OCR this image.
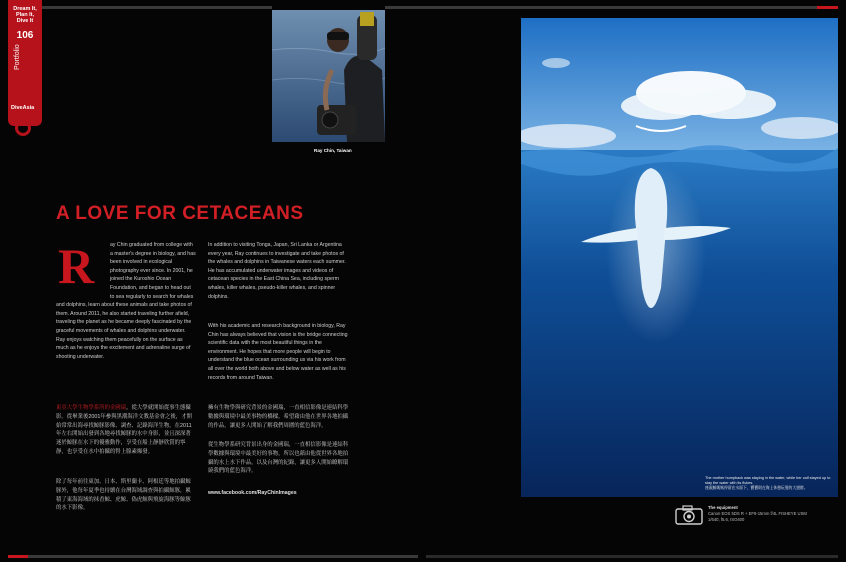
Dream It,
Plan It,
Dive It
106
Portfolio
DiveAsia
Ray Chin, Taiwan
A LOVE FOR CETACEANS
R	ay Chin graduated from college with a master's degree in biology, and has been involved in ecological photography ever since. In 2001, he joined the Kuroshio Ocean Foundation, and began to head out to sea regularly to search for whales and dolphins, learn about these animals and take photos of them. Around 2011, he also started traveling further afield, traveling the planet as he became deeply fascinated by the graceful movements of whales and dolphins underwater. Ray enjoys watching them peacefully on the surface as much as he enjoys the excitement and adrenaline surge of shooting underwater.
In addition to visiting Tonga, Japan, Sri Lanka or Argentina every year, Ray continues to investigate and take photos of the whales and dolphins in Taiwanese waters each summer. He has accumulated underwater images and videos of cetacean species in the East China Sea, including sperm whales, killer whales, pseudo-killer whales, and spinner dolphins.
With his academic and research background in biology, Ray Chin has always believed that vision is the bridge connecting scientific data with the most beautiful things in the environment. He hopes that more people will begin to understand the blue ocean surrounding us via his work from all over the world both above and below water as well as his records from around Taiwan.
東亞大學生物學系所的金國瑞，從大學就開始從事生態攝影。從畢業後2001年參與黑潮海洋文教基金會之後，才開始常常出海尋找鯨豚影像、調查、記錄海洋生物。在2011年左右開始出發到各地尋找鯨豚的水中身影，並且深深著迷於鯨豚在水下的優雅動作，享受在船上靜靜欣賞的寧靜，也享受在水中拍攝的腎上腺素爆發。
除了每年前往東加、日本、斯里蘭卡、阿根廷等地拍攝鯨豚外，他每年夏季也持續在台灣海域調查與拍攝鯨豚，累積了東海海域的抹香鯨、虎鯨、偽虎鯨與飛旋海豚等鯨豚的水下影像。
擁有生物學與研究背景的金國瑞，一直相信影像是連結科學數據與環境中最美事物的橋樑，希望藉由他在世界各地拍攝的作品，讓更多人開始了解我們周圍的藍色海洋。
從生物學系研究背景出身的金國瑞，一直相信影像是連結科學數據與環境中最美好的事物，所以也藉由他從世界各地拍攝的水上水下作品，以及台灣的紀錄，讓更多人開始瞭解環繞我們的藍色海洋。
www.facebook.com/RayChinImages
The mother humpback was staying in the water, while her calf stayed up to stay the water with its flukes.
座頭鯨媽媽停留在水面下，寶寶則在海上休憩玩耍的大翅膀。
The equipment
Canon EOS 5DS R + EF8-15mm f/4L FISHEYE USM
1/640, f5.6, ISO400
